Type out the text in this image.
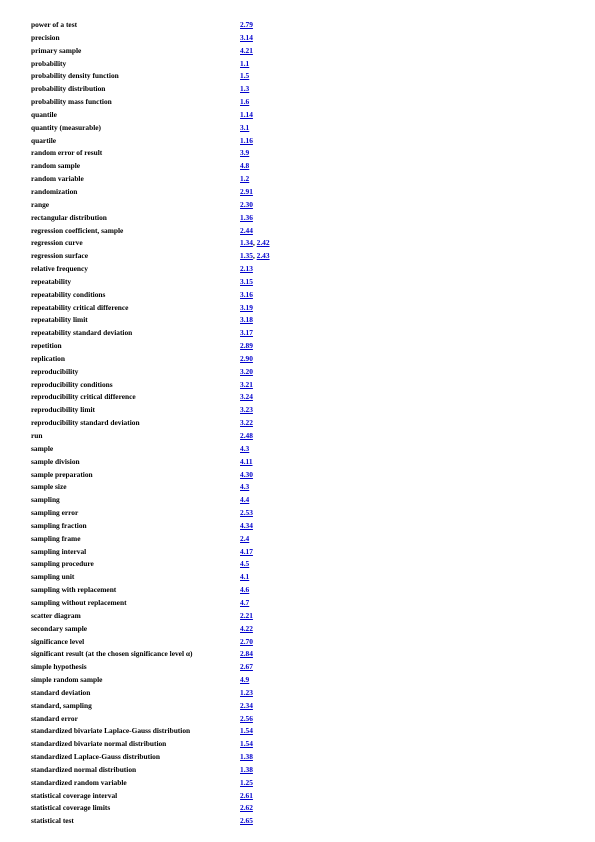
power of a test	2.79
precision	3.14
primary sample	4.21
probability	1.1
probability density function	1.5
probability distribution	1.3
probability mass function	1.6
quantile	1.14
quantity (measurable)	3.1
quartile	1.16
random error of result	3.9
random sample	4.8
random variable	1.2
randomization	2.91
range	2.30
rectangular distribution	1.36
regression coefficient, sample	2.44
regression curve	1.34, 2.42
regression surface	1.35, 2.43
relative frequency	2.13
repeatability	3.15
repeatability conditions	3.16
repeatability critical difference	3.19
repeatability limit	3.18
repeatability standard deviation	3.17
repetition	2.89
replication	2.90
reproducibility	3.20
reproducibility conditions	3.21
reproducibility critical difference	3.24
reproducibility limit	3.23
reproducibility standard deviation	3.22
run	2.48
sample	4.3
sample division	4.11
sample preparation	4.30
sample size	4.3
sampling	4.4
sampling error	2.53
sampling fraction	4.34
sampling frame	2.4
sampling interval	4.17
sampling procedure	4.5
sampling unit	4.1
sampling with replacement	4.6
sampling without replacement	4.7
scatter diagram	2.21
secondary sample	4.22
significance level	2.70
significant result (at the chosen significance level α)	2.84
simple hypothesis	2.67
simple random sample	4.9
standard deviation	1.23
standard, sampling	2.34
standard error	2.56
standardized bivariate Laplace-Gauss distribution	1.54
standardized bivariate normal distribution	1.54
standardized Laplace-Gauss distribution	1.38
standardized normal distribution	1.38
standardized random variable	1.25
statistical coverage interval	2.61
statistical coverage limits	2.62
statistical test	2.65
